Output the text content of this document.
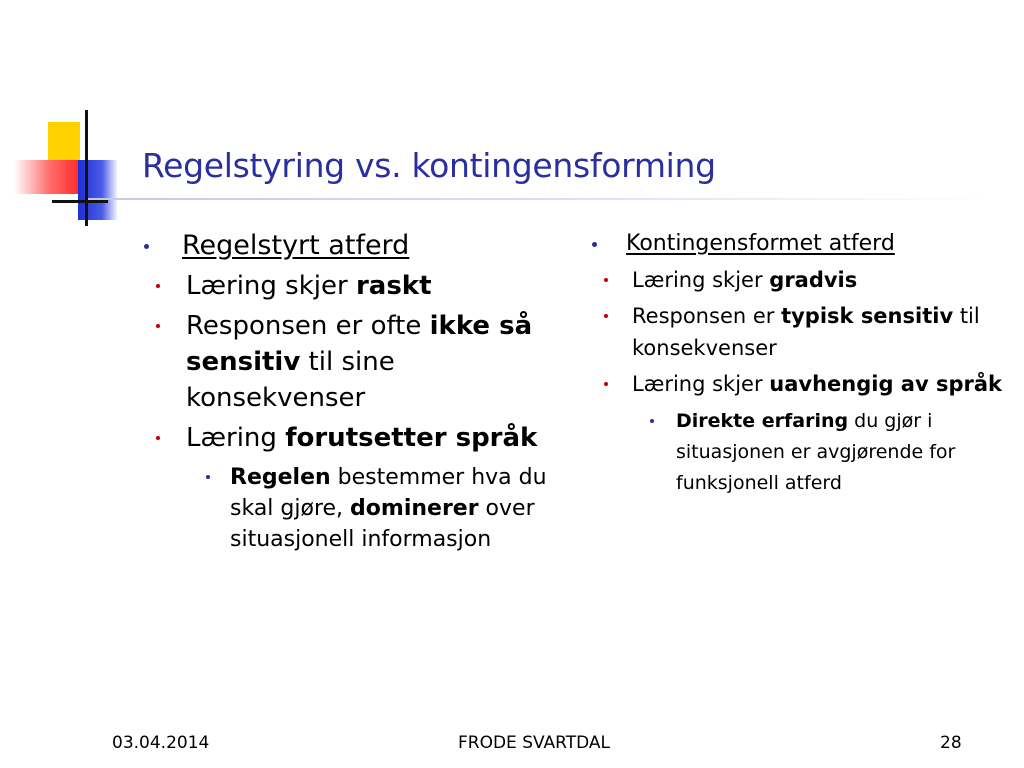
Regelstyring vs. kontingensforming
Regelstyrt atferd
Læring skjer raskt
Responsen er ofte ikke så sensitiv til sine konsekvenser
Læring forutsetter språk
Regelen bestemmer hva du skal gjøre, dominerer over situasjonell informasjon
Kontingensformet atferd
Læring skjer gradvis
Responsen er typisk sensitiv til konsekvenser
Læring skjer uavhengig av språk
Direkte erfaring du gjør i situasjonen er avgjørende for funksjonell atferd
03.04.2014	FRODE SVARTDAL	28
